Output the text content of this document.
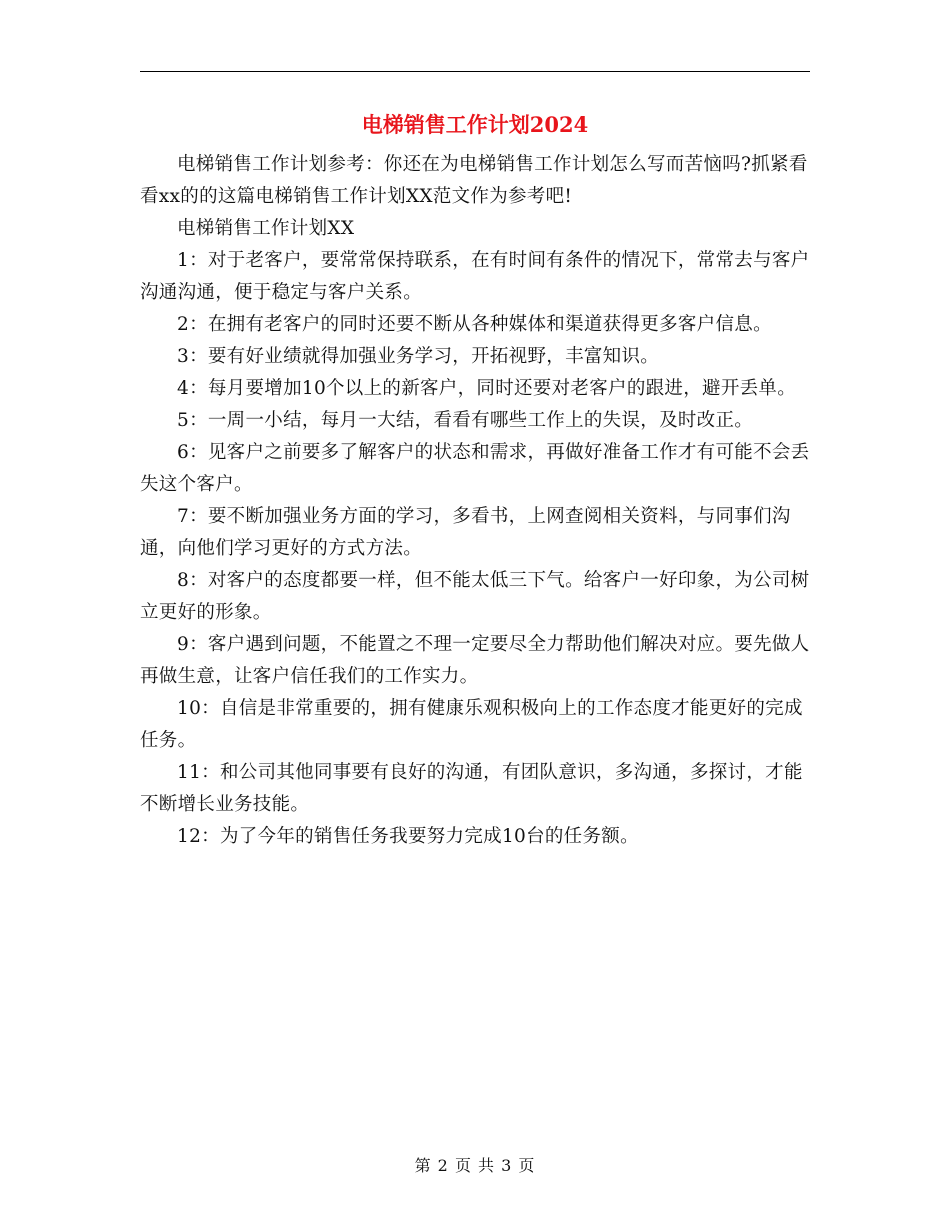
电梯销售工作计划2024

电梯销售工作计划参考：你还在为电梯销售工作计划怎么写而苦恼吗?抓紧看看xx的的这篇电梯销售工作计划XX范文作为参考吧!

电梯销售工作计划XX

1：对于老客户，要常常保持联系，在有时间有条件的情况下，常常去与客户沟通沟通，便于稳定与客户关系。

2：在拥有老客户的同时还要不断从各种媒体和渠道获得更多客户信息。

3：要有好业绩就得加强业务学习，开拓视野，丰富知识。

4：每月要增加10个以上的新客户，同时还要对老客户的跟进，避开丢单。

5：一周一小结，每月一大结，看看有哪些工作上的失误，及时改正。

6：见客户之前要多了解客户的状态和需求，再做好准备工作才有可能不会丢失这个客户。

7：要不断加强业务方面的学习，多看书，上网查阅相关资料，与同事们沟通，向他们学习更好的方式方法。

8：对客户的态度都要一样，但不能太低三下气。给客户一好印象，为公司树立更好的形象。

9：客户遇到问题，不能置之不理一定要尽全力帮助他们解决对应。要先做人再做生意，让客户信任我们的工作实力。

10：自信是非常重要的，拥有健康乐观积极向上的工作态度才能更好的完成任务。

11：和公司其他同事要有良好的沟通，有团队意识，多沟通，多探讨，才能不断增长业务技能。

12：为了今年的销售任务我要努力完成10台的任务额。

第 2 页 共 3 页
